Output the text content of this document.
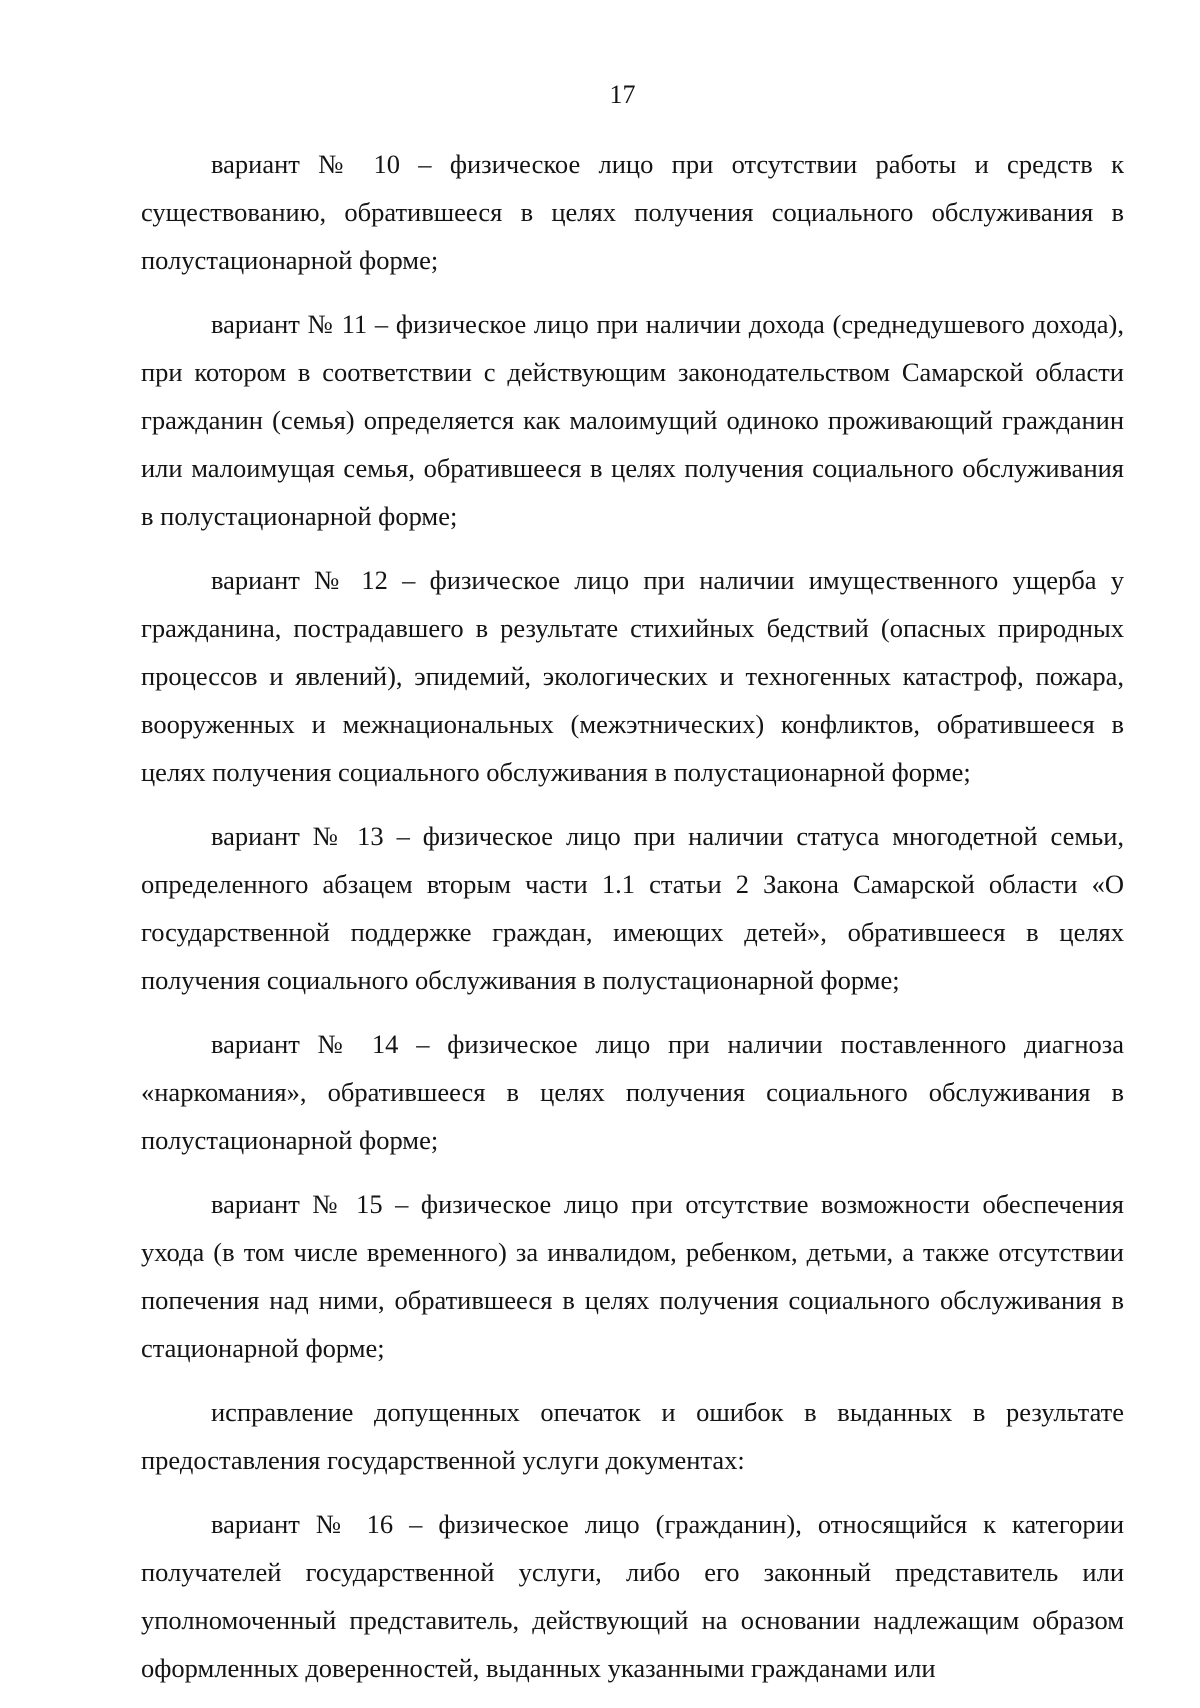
17

вариант № 10 – физическое лицо при отсутствии работы и средств к существованию, обратившееся в целях получения социального обслуживания в полустационарной форме;

вариант № 11 – физическое лицо при наличии дохода (среднедушевого дохода), при котором в соответствии с действующим законодательством Самарской области гражданин (семья) определяется как малоимущий одиноко проживающий гражданин или малоимущая семья, обратившееся в целях получения социального обслуживания в полустационарной форме;

вариант № 12 – физическое лицо при наличии имущественного ущерба у гражданина, пострадавшего в результате стихийных бедствий (опасных природных процессов и явлений), эпидемий, экологических и техногенных катастроф, пожара, вооруженных и межнациональных (межэтнических) конфликтов, обратившееся в целях получения социального обслуживания в полустационарной форме;

вариант № 13 – физическое лицо при наличии статуса многодетной семьи, определенного абзацем вторым части 1.1 статьи 2 Закона Самарской области «О государственной поддержке граждан, имеющих детей», обратившееся в целях получения социального обслуживания в полустационарной форме;

вариант № 14 – физическое лицо при наличии поставленного диагноза «наркомания», обратившееся в целях получения социального обслуживания в полустационарной форме;

вариант № 15 – физическое лицо при отсутствие возможности обеспечения ухода (в том числе временного) за инвалидом, ребенком, детьми, а также отсутствии попечения над ними, обратившееся в целях получения социального обслуживания в стационарной форме;

исправление допущенных опечаток и ошибок в выданных в результате предоставления государственной услуги документах:

вариант № 16 – физическое лицо (гражданин), относящийся к категории получателей государственной услуги, либо его законный представитель или уполномоченный представитель, действующий на основании надлежащим образом оформленных доверенностей, выданных указанными гражданами или
